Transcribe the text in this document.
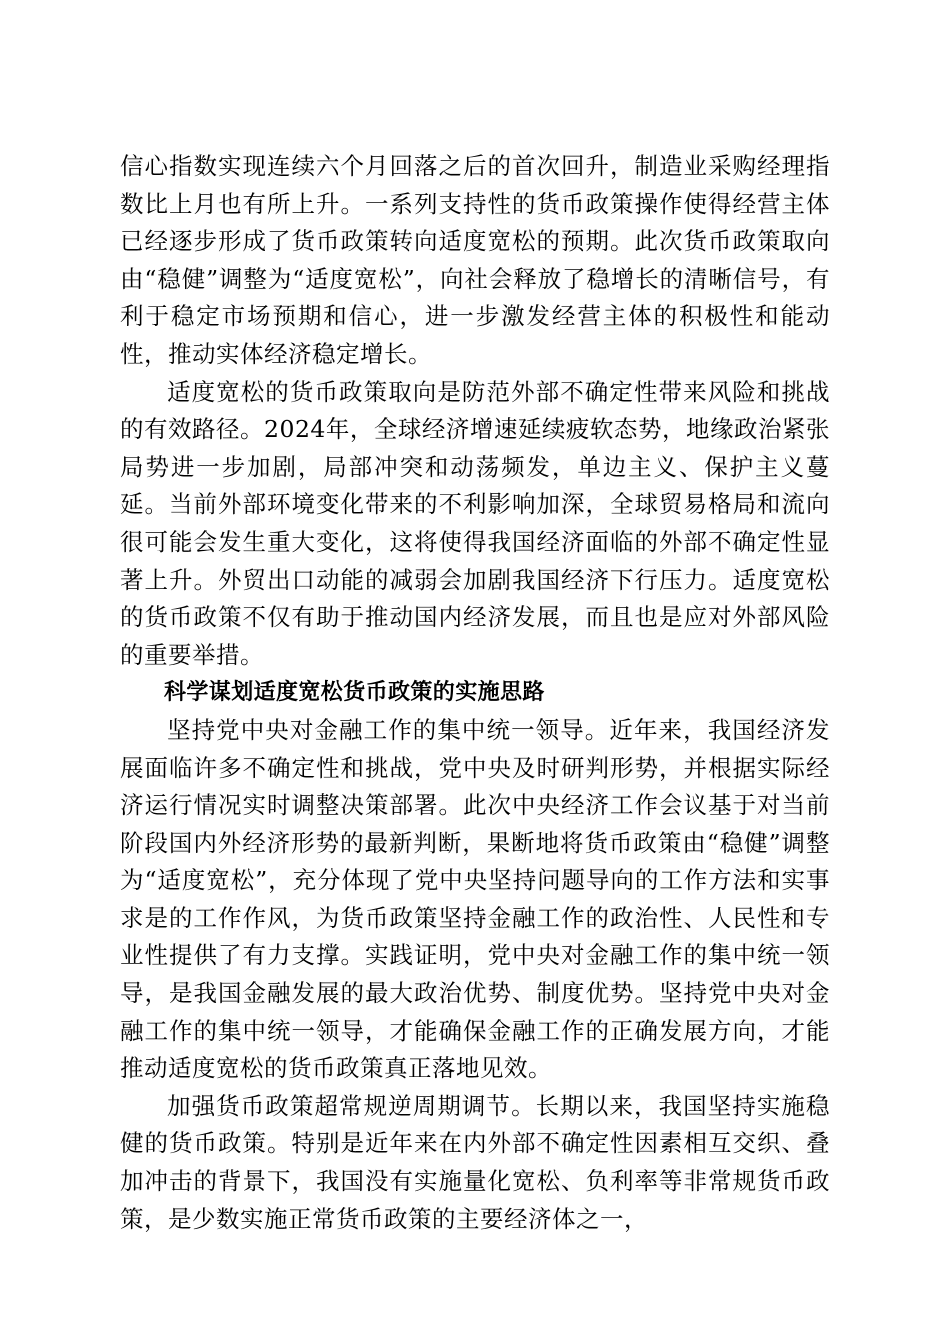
信心指数实现连续六个月回落之后的首次回升，制造业采购经理指数比上月也有所上升。一系列支持性的货币政策操作使得经营主体已经逐步形成了货币政策转向适度宽松的预期。此次货币政策取向由“稳健”调整为“适度宽松”，向社会释放了稳增长的清晰信号，有利于稳定市场预期和信心，进一步激发经营主体的积极性和能动性，推动实体经济稳定增长。

适度宽松的货币政策取向是防范外部不确定性带来风险和挑战的有效路径。2024年，全球经济增速延续疲软态势，地缘政治紧张局势进一步加剧，局部冲突和动荡频发，单边主义、保护主义蔓延。当前外部环境变化带来的不利影响加深，全球贸易格局和流向很可能会发生重大变化，这将使得我国经济面临的外部不确定性显著上升。外贸出口动能的减弱会加剧我国经济下行压力。适度宽松的货币政策不仅有助于推动国内经济发展，而且也是应对外部风险的重要举措。

科学谋划适度宽松货币政策的实施思路

坚持党中央对金融工作的集中统一领导。近年来，我国经济发展面临许多不确定性和挑战，党中央及时研判形势，并根据实际经济运行情况实时调整决策部署。此次中央经济工作会议基于对当前阶段国内外经济形势的最新判断，果断地将货币政策由“稳健”调整为“适度宽松”，充分体现了党中央坚持问题导向的工作方法和实事求是的工作作风，为货币政策坚持金融工作的政治性、人民性和专业性提供了有力支撑。实践证明，党中央对金融工作的集中统一领导，是我国金融发展的最大政治优势、制度优势。坚持党中央对金融工作的集中统一领导，才能确保金融工作的正确发展方向，才能推动适度宽松的货币政策真正落地见效。

加强货币政策超常规逆周期调节。长期以来，我国坚持实施稳健的货币政策。特别是近年来在内外部不确定性因素相互交织、叠加冲击的背景下，我国没有实施量化宽松、负利率等非常规货币政策，是少数实施正常货币政策的主要经济体之一，
